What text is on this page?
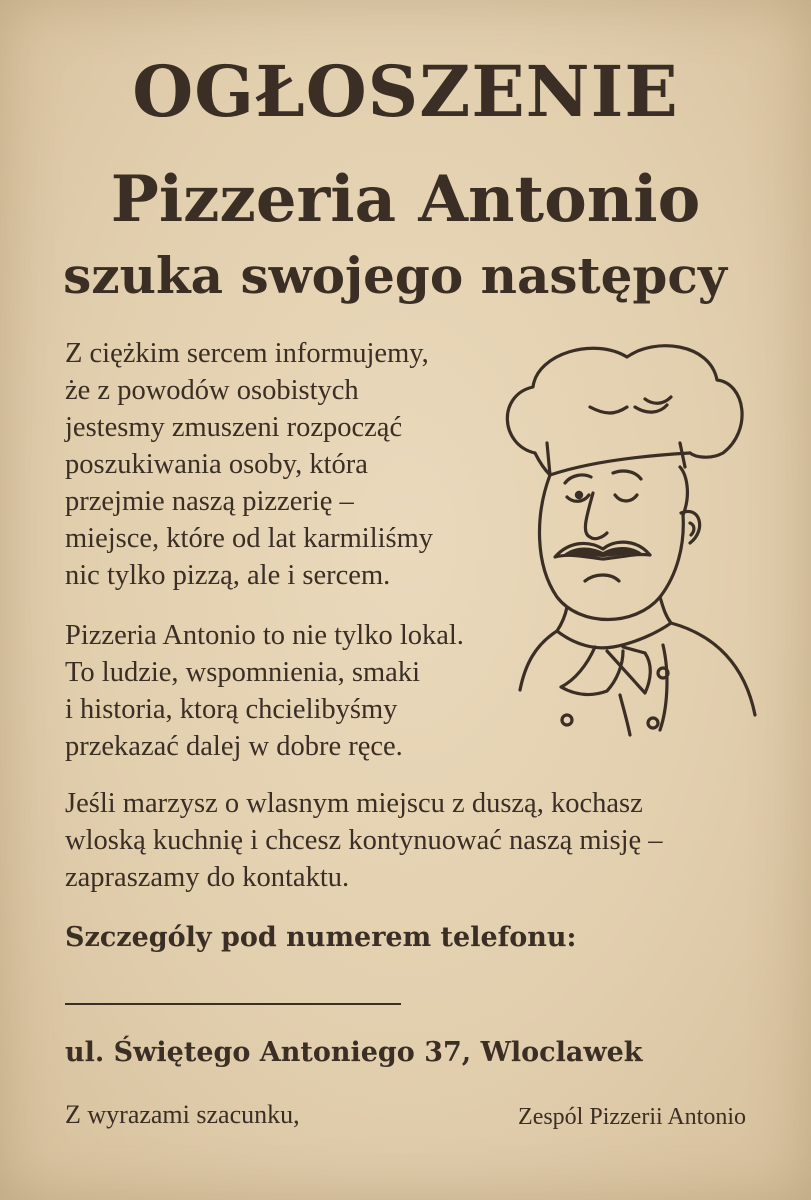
OGŁOSZENIE
Pizzeria Antonio
szuka swojego następcy

Z ciężkim sercem informujemy,
że z powodów osobistych
jestesmy zmuszeni rozpocząć
poszukiwania osoby, która
przejmie naszą pizzerię –
miejsce, które od lat karmiliśmy
nic tylko pizzą, ale i sercem.

Pizzeria Antonio to nie tylko lokal.
To ludzie, wspomnienia, smaki
i historia, ktorą chcielibyśmy
przekazać dalej w dobre ręce.

Jeśli marzysz o wlasnym miejscu z duszą, kochasz
wloską kuchnię i chcesz kontynuować naszą misję –
zapraszamy do kontaktu.

Szczególy pod numerem telefonu:

ul. Świętego Antoniego 37, Wloclawek

Z wyrazami szacunku,	Zespól Pizzerii Antonio
